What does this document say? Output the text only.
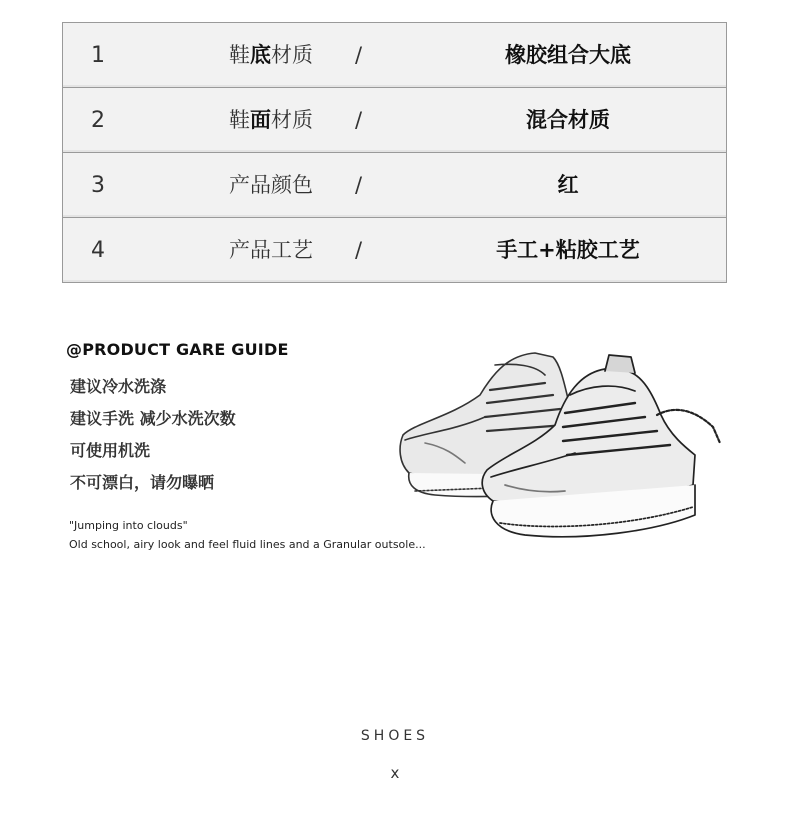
1	鞋底材质 /	橡胶组合大底
2	鞋面材质 /	混合材质
3	产品颜色 /	红
4	产品工艺 /	手工+粘胶工艺
@PRODUCT GARE GUIDE
建议冷水洗涤
建议手洗 减少水洗次数
可使用机洗
不可漂白，请勿曝晒
"Jumping into clouds"
Old school, airy look and feel fluid lines and a Granular outsole...
SHOES
x
